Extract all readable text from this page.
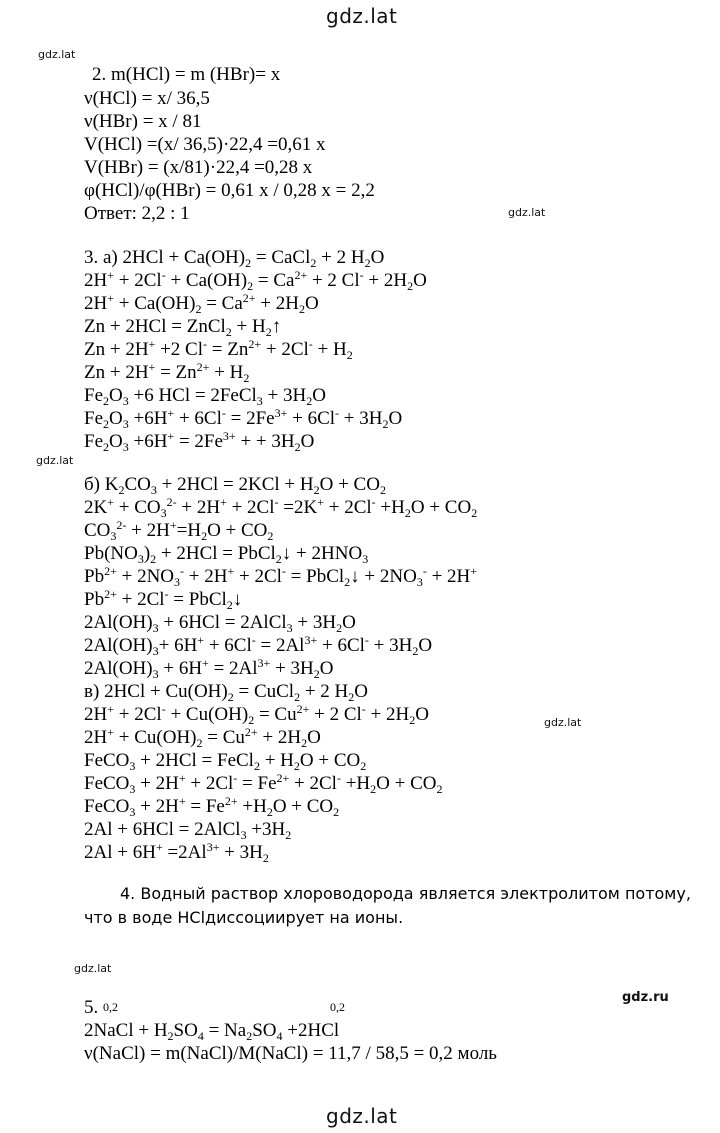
gdz.lat
gdz.lat
gdz.lat
gdz.lat
gdz.lat
gdz.lat
gdz.ru
gdz.lat
2. m(HCl) = m (HBr)= x
ν(HCl) = x/ 36,5
ν(HBr) = x / 81
V(HCl) =(x/ 36,5)·22,4 =0,61 x
V(HBr) = (x/81)·22,4 =0,28 x
φ(HCl)/φ(HBr) = 0,61 x / 0,28 x = 2,2
Ответ: 2,2 : 1
3. а) $2HCl + Ca(OH)_2$ = CaCl$_2$ + 2 $H_2O$
$2H^+ + 2Cl^- + Ca(OH)_2 = Ca^{2+} + 2$ $Cl^- + 2H_2O$
$2H^+ + Ca(OH)_2 = Ca^{2+} + 2H_2O$
Zn + 2HCl = ZnCl$_2$ + $H_2↑$
Zn + 2H+ +2 $Cl^- = Zn^{2+} + 2Cl^- + H_2$
$Zn + 2H^+ = Zn^{2+} + H_2$
$Fe_2O_3 +6$ HCl = 2FeCl$_3$ + $3H_2O$
$Fe_2O_3 +6H^+ + 6Cl^- = 2Fe^{3+} + 6Cl^- + 3H_2O$
$Fe_2O_3 +6H^+ = 2Fe^{3+}$ + + $3H_2O$
б) $K_2CO_3 + 2HCl = 2KCl + H_2O + CO_2$
$2K^+ + CO_3^{2-} + 2H^+ + 2Cl^- =2K^+ + 2Cl^- +H_2O + CO_2$
$CO_3^{2-} + 2H^+=H_2O + CO_2$
$Pb(NO_3)_2 + 2HCl$ = PbCl$_2$↓ + $2HNO_3$
$Pb^{2+} + 2NO_3^- + 2H^+ + 2Cl^-$ = PbCl$_2$↓ + $2NO_3^- + 2H^+$
$Pb^{2+} + 2Cl^-$ = PbCl$_2$↓
$2Al(OH)_3 + 6HCl$ = 2AlCl$_3$ + $3H_2O$
$2Al(OH)_3+ 6H^+ + 6Cl^- = 2Al^{3+} + 6Cl^- + 3H_2O$
$2Al(OH)_3 + 6H^+ = 2Al^{3+} + 3H_2O$
в) $2HCl + Cu(OH)_2$ = CuCl$_2$ + 2 $H_2O$
$2H^+ + 2Cl^- + Cu(OH)_2 = Cu^{2+} + 2$ $Cl^- + 2H_2O$
$2H^+ + Cu(OH)_2 = Cu^{2+} + 2H_2O$
FeCO$_3$ + 2HCl = FeCl$_2$ + $H_2O + CO_2$
FeCO$_3$ + $2H^+ + 2Cl^- = Fe^{2+} + 2Cl^- +H_2O + CO_2$
FeCO$_3$ + $2H^+ = Fe^{2+} +H_2O + CO_2$
2Al + 6HCl = 2AlCl$_3$ $+3H_2$
$2Al + 6H^+ =2Al^{3+} + 3H_2$
4. Водный раствор хлороводорода является электролитом потому, что в воде HClдиссоциирует на ионы.
5. 0,2	0,2
2NaCl + $H_2SO_4 = Na_2SO_4 +2HCl$
ν(NaCl) = m(NaCl)/M(NaCl) = 11,7 / 58,5 = 0,2 моль
